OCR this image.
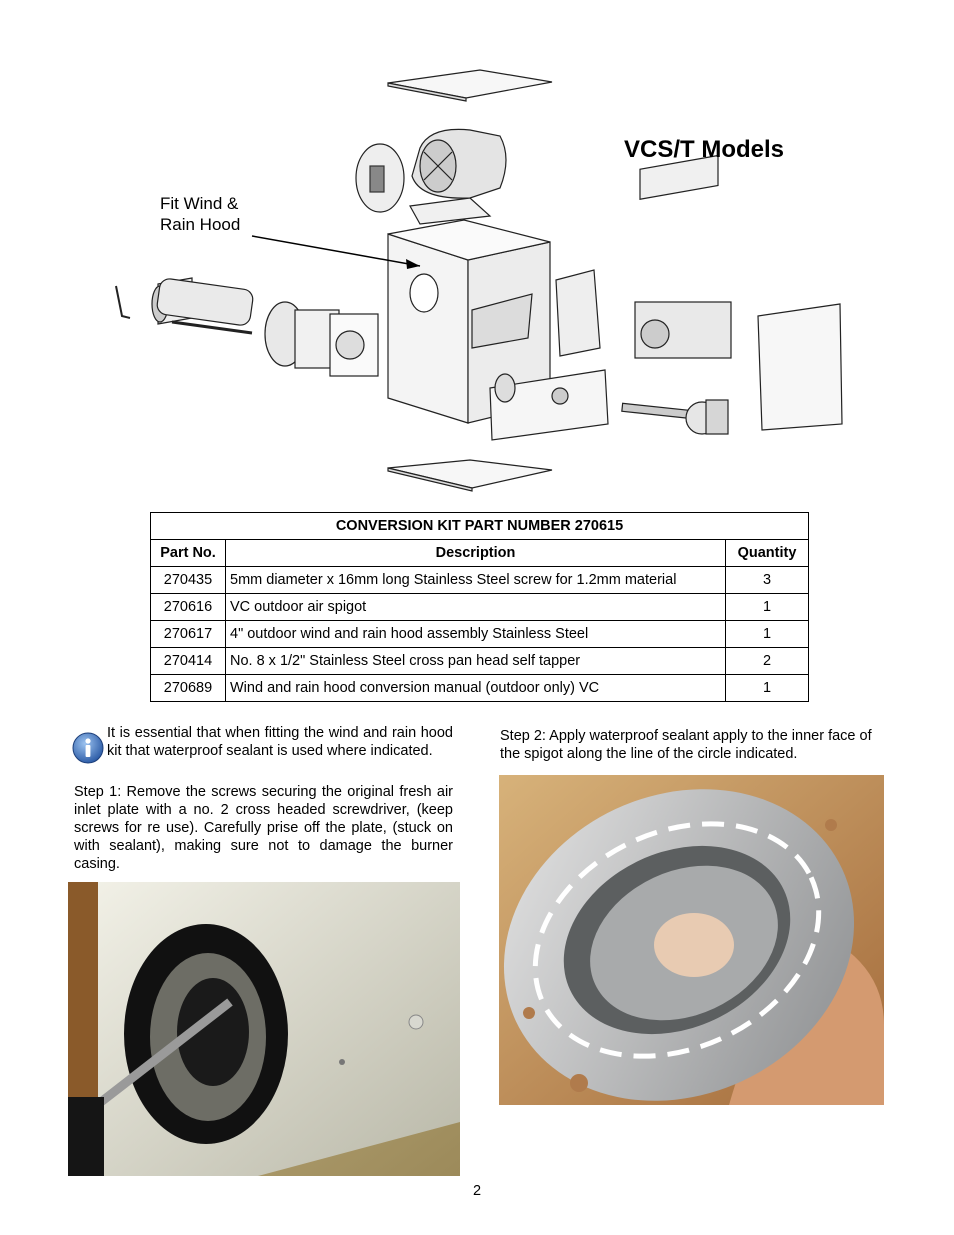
VCS/T Models
Fit Wind &
Rain Hood
CONVERSION KIT PART NUMBER 270615		
Part No.	Description	Quantity
270435	5mm diameter x 16mm long Stainless Steel screw for 1.2mm material	3
270616	VC outdoor air spigot	1
270617	4" outdoor wind and rain hood assembly Stainless Steel	1
270414	No. 8 x 1/2" Stainless Steel cross pan head self tapper	2
270689	Wind and rain hood conversion manual (outdoor only) VC	1
It is essential that when fitting the wind and rain hood kit that waterproof sealant is used where indicated.
Step 1: Remove the screws securing the original fresh air inlet plate with a no. 2 cross headed screwdriver, (keep screws for re use). Carefully prise off the plate, (stuck on with sealant), making sure not to damage the burner casing.
Step 2: Apply waterproof sealant apply to the inner face of the spigot along the line of the circle indicated.
2
